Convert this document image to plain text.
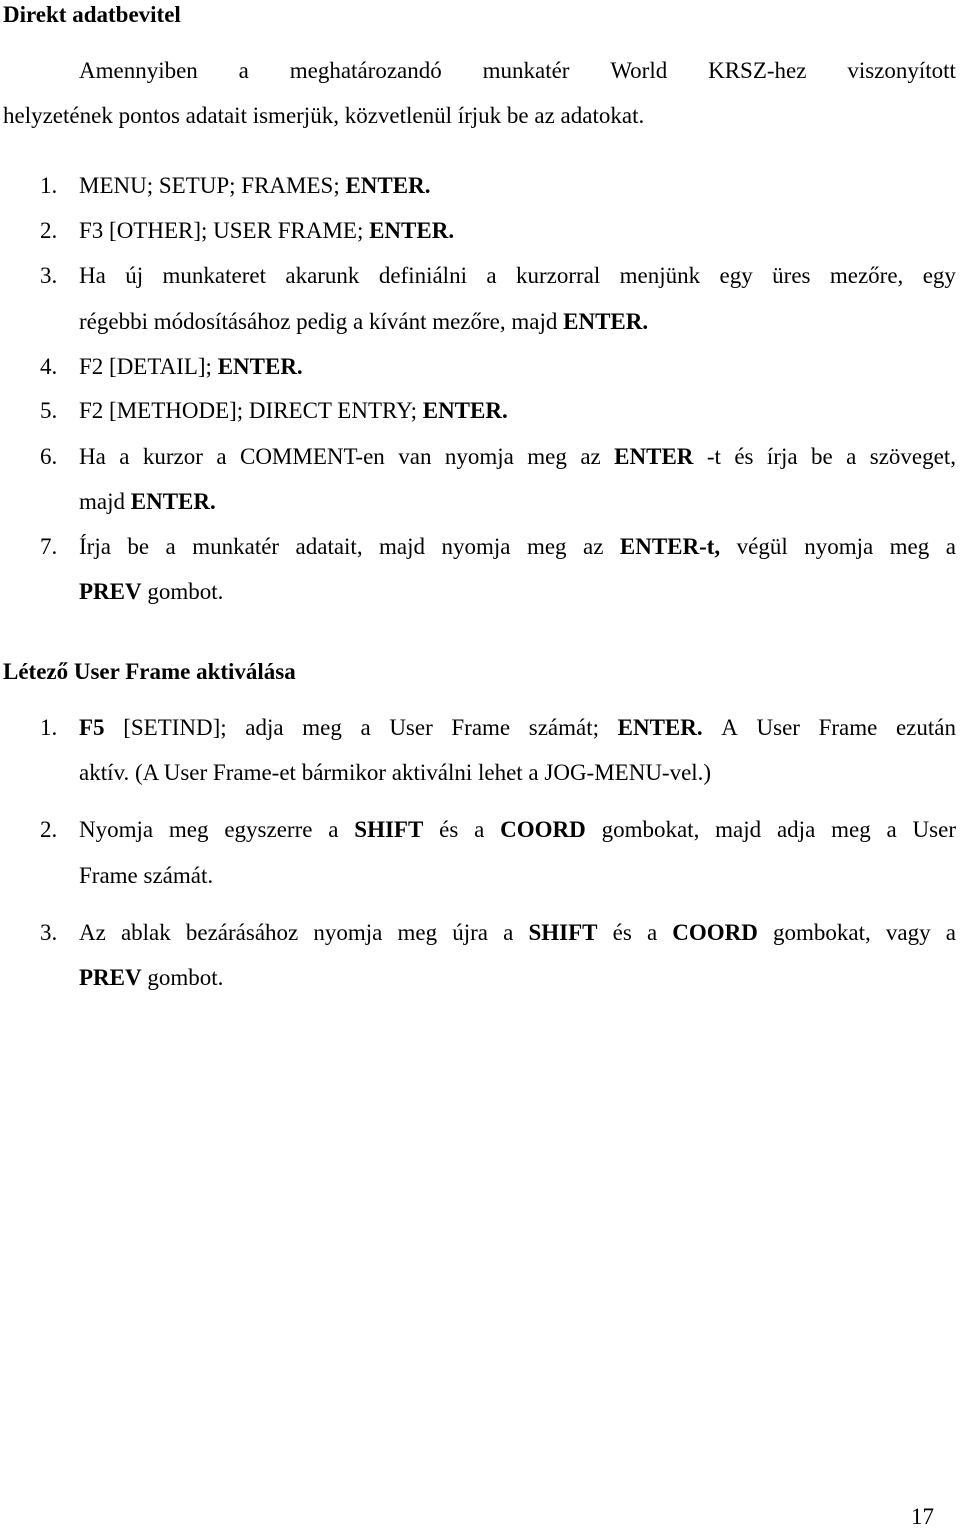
Direkt adatbevitel
Amennyiben a meghatározandó munkatér World KRSZ-hez viszonyított
helyzetének pontos adatait ismerjük, közvetlenül írjuk be az adatokat.
1. MENU; SETUP; FRAMES; ENTER.
2. F3 [OTHER]; USER FRAME; ENTER.
3. Ha új munkateret akarunk definiálni a kurzorral menjünk egy üres mezőre, egy
régebbi módosításához pedig a kívánt mezőre, majd ENTER.
4. F2 [DETAIL]; ENTER.
5. F2 [METHODE]; DIRECT ENTRY; ENTER.
6. Ha a kurzor a COMMENT-en van nyomja meg az ENTER -t és írja be a szöveget,
majd ENTER.
7. Írja be a munkatér adatait, majd nyomja meg az ENTER-t, végül nyomja meg a
PREV gombot.
Létező User Frame aktiválása
1. F5 [SETIND]; adja meg a User Frame számát; ENTER. A User Frame ezután
aktív. (A User Frame-et bármikor aktiválni lehet a JOG-MENU-vel.)
2. Nyomja meg egyszerre a SHIFT és a COORD gombokat, majd adja meg a User
Frame számát.
3. Az ablak bezárásához nyomja meg újra a SHIFT és a COORD gombokat, vagy a
PREV gombot.
17
